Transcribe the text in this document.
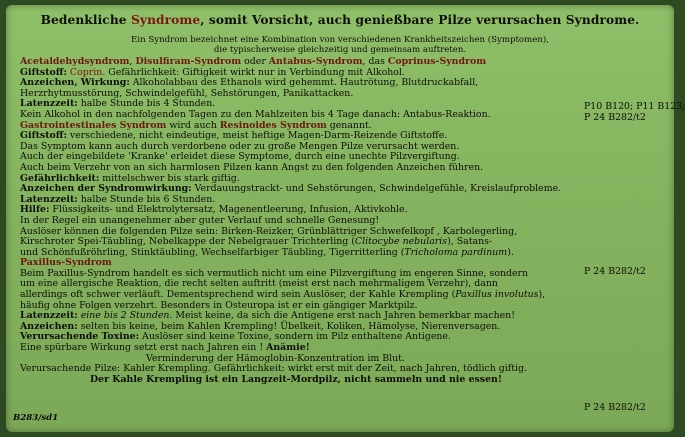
Bedenkliche Syndrome, somit Vorsicht, auch genießbare Pilze verursachen Syndrome.
Ein Syndrom bezeichnet eine Kombination von verschiedenen Krankheitszeichen (Symptomen),
die typischerweise gleichzeitig und gemeinsam auftreten.
Acetaldehydsyndrom, Disulfiram-Syndrom oder Antabus-Syndrom, das Coprinus-Syndrom
Giftstoff: Coprin. Gefährlichkeit: Giftigkeit wirkt nur in Verbindung mit Alkohol.
Anzeichen, Wirkung: Alkoholabbau des Ethanols wird gehemmt. Hautrötung, Blutdruckabfall,
Herzrhytmusstörung, Schwindelgefühl, Sehstörungen, Panikattacken.
Latenzzeit: halbe Stunde bis 4 Stunden.
Kein Alkohol in den nachfolgenden Tagen zu den Mahlzeiten bis 4 Tage danach: Antabus-Reaktion.
Gastrointestinales Syndrom wird auch Resinoides Syndrom genannt.
Giftstoff: verschiedene, nicht eindeutige, meist heftige Magen-Darm-Reizende Giftstoffe.
Das Symptom kann auch durch verdorbene oder zu große Mengen Pilze verursacht werden.
Auch der eingebildete 'Kranke' erleidet diese Symptome, durch eine unechte Pilzvergiftung.
Auch beim Verzehr von an sich harmlosen Pilzen kann Angst zu den folgenden Anzeichen führen.
Gefährlichkeit: mittelschwer bis stark giftig.
Anzeichen der Syndromwirkung: Verdauungstrackt- und Sehstörungen, Schwindelgefühle, Kreislaufprobleme.
Latenzzeit: halbe Stunde bis 6 Stunden.
Hilfe: Flüssigkeits- und Elektrolytersatz, Magenentleerung, Infusion, Aktivkohle.
In der Regel ein unangenehmer aber guter Verlauf und schnelle Genesung!
Auslöser können die folgenden Pilze sein: Birken-Reizker, Grünblättriger Schwefelkopf , Karbolegerling,
Kirschroter Spei-Täubling, Nebelkappe der Nebelgrauer Trichterling (Clitocybe nebularis), Satans-
und Schönfußröhrling, Stinktäubling, Wechselfarbiger Täubling, Tigerritterling (Tricholoma pardinum).
Paxillus-Syndrom
Beim Paxillus-Syndrom handelt es sich vermutlich nicht um eine Pilzvergiftung im engeren Sinne, sondern
um eine allergische Reaktion, die recht selten auftritt (meist erst nach mehrmaligem Verzehr), dann
allerdings oft schwer verläuft. Dementsprechend wird sein Auslöser, der Kahle Krempling (Paxillus involutus),
häufig ohne Folgen verzehrt. Besonders in Osteuropa ist er ein gängiger Marktpilz.
Latenzzeit: eine bis 2 Stunden. Meist keine, da sich die Antigene erst nach Jahren bemerkbar machen!
Anzeichen: selten bis keine, beim Kahlen Krempling! Übelkeit, Koliken, Hämolyse, Nierenversagen.
Verursachende Toxine: Auslöser sind keine Toxine, sondern im Pilz enthaltene Antigene.
Eine spürbare Wirkung setzt erst nach Jahren ein ! Anämie!
Verminderung der Hämoglobin-Konzentration im Blut.
Verursachende Pilze: Kahler Krempling. Gefährlichkeit: wirkt erst mit der Zeit, nach Jahren, tödlich giftig.
Der Kahle Krempling ist ein Langzeit-Mordpilz, nicht sammeln und nie essen!
P10 B120; P11 B123;
P 24 B282/t2
P 24 B282/t2
P 24 B282/t2
B283/sd1
